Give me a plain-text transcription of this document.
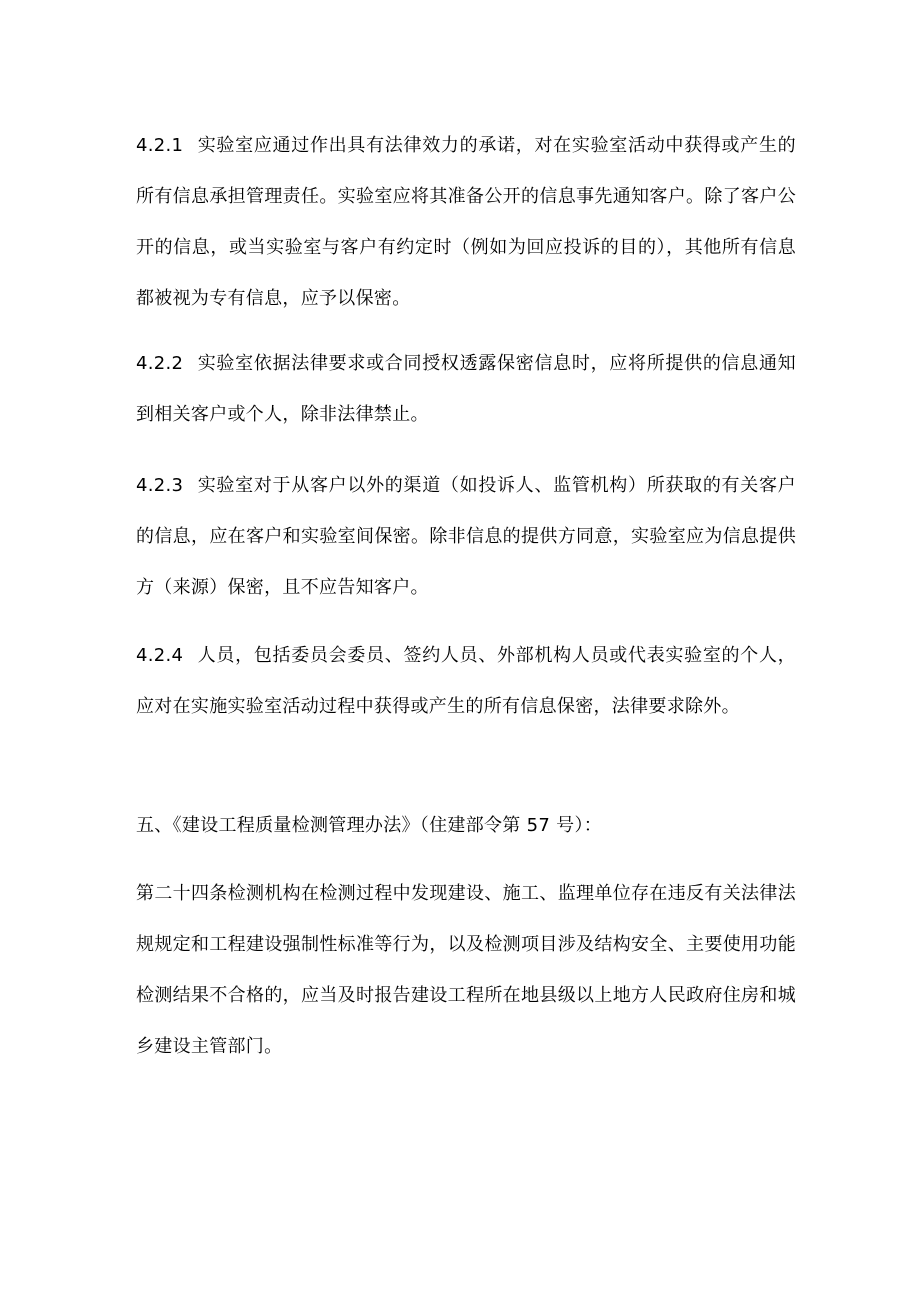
4.2.1 实验室应通过作出具有法律效力的承诺，对在实验室活动中获得或产生的所有信息承担管理责任。实验室应将其准备公开的信息事先通知客户。除了客户公开的信息，或当实验室与客户有约定时（例如为回应投诉的目的），其他所有信息都被视为专有信息，应予以保密。

4.2.2 实验室依据法律要求或合同授权透露保密信息时，应将所提供的信息通知到相关客户或个人，除非法律禁止。

4.2.3 实验室对于从客户以外的渠道（如投诉人、监管机构）所获取的有关客户的信息，应在客户和实验室间保密。除非信息的提供方同意，实验室应为信息提供方（来源）保密，且不应告知客户。

4.2.4 人员，包括委员会委员、签约人员、外部机构人员或代表实验室的个人，应对在实施实验室活动过程中获得或产生的所有信息保密，法律要求除外。

五、《建设工程质量检测管理办法》（住建部令第 57 号）：

第二十四条检测机构在检测过程中发现建设、施工、监理单位存在违反有关法律法规规定和工程建设强制性标准等行为，以及检测项目涉及结构安全、主要使用功能检测结果不合格的，应当及时报告建设工程所在地县级以上地方人民政府住房和城乡建设主管部门。
